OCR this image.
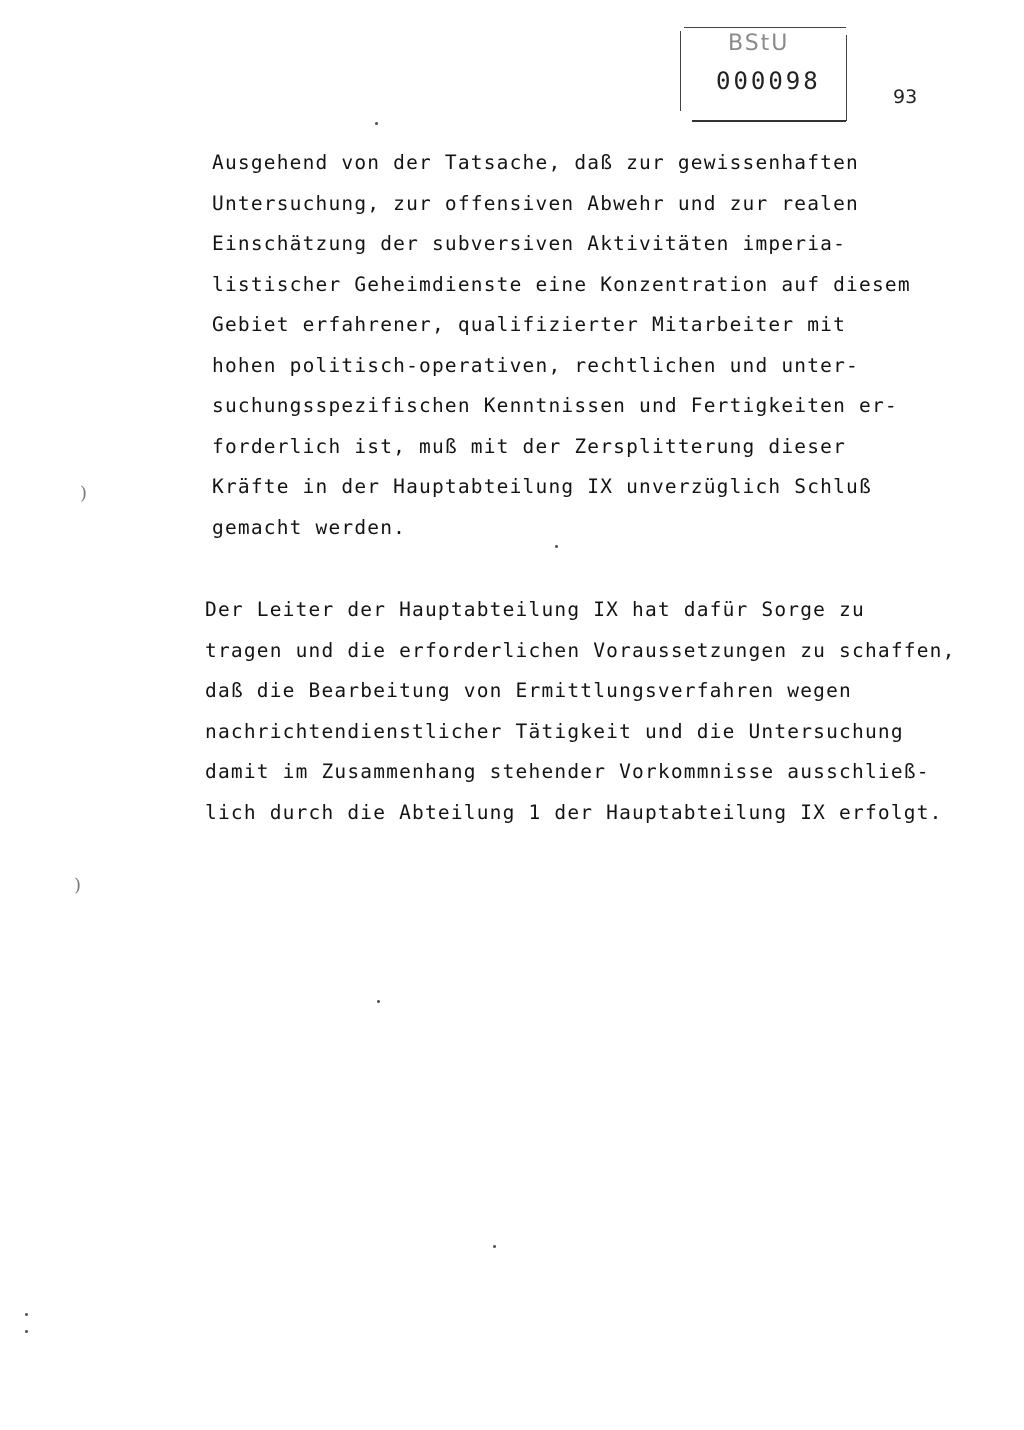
BStU
000098
93

Ausgehend von der Tatsache, daß zur gewissenhaften
Untersuchung, zur offensiven Abwehr und zur realen
Einschätzung der subversiven Aktivitäten imperia-
listischer Geheimdienste eine Konzentration auf diesem
Gebiet erfahrener, qualifizierter Mitarbeiter mit
hohen politisch-operativen, rechtlichen und unter-
suchungsspezifischen Kenntnissen und Fertigkeiten er-
forderlich ist, muß mit der Zersplitterung dieser
Kräfte in der Hauptabteilung IX unverzüglich Schluß
gemacht werden.

Der Leiter der Hauptabteilung IX hat dafür Sorge zu
tragen und die erforderlichen Voraussetzungen zu schaffen,
daß die Bearbeitung von Ermittlungsverfahren wegen
nachrichtendienstlicher Tätigkeit und die Untersuchung
damit im Zusammenhang stehender Vorkommnisse ausschließ-
lich durch die Abteilung 1 der Hauptabteilung IX erfolgt.

)
)
